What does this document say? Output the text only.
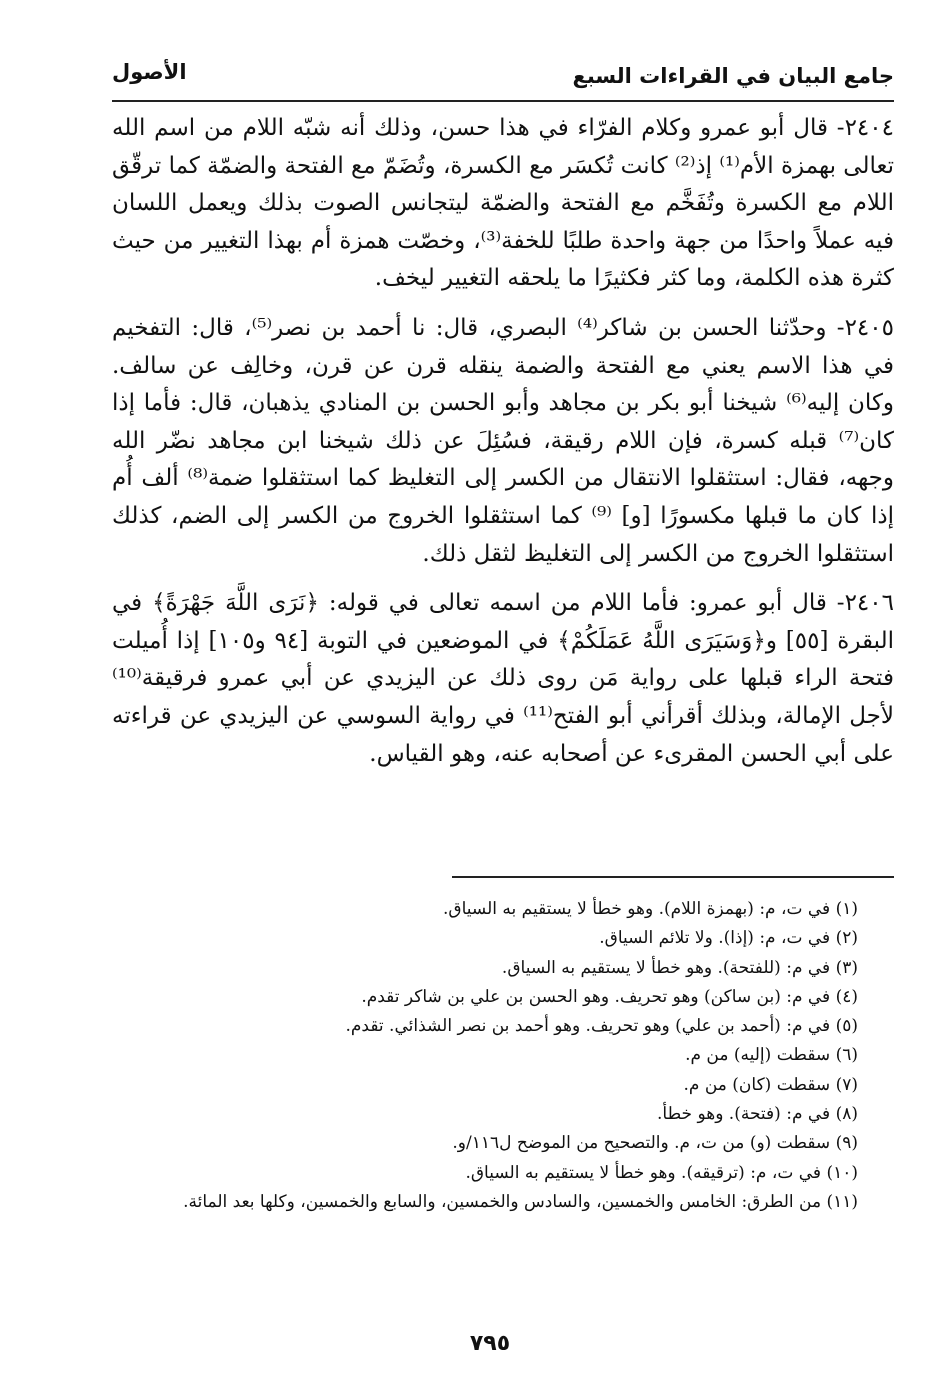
جامع البيان في القراءات السبع
الأصول

٢٤٠٤- قال أبو عمرو وكلام الفرّاء في هذا حسن، وذلك أنه شبّه اللام من اسم الله تعالى بهمزة الأم⁽¹⁾ إذ⁽²⁾ كانت تُكسَر مع الكسرة، وتُضَمّ مع الفتحة والضمّة كما ترقّق اللام مع الكسرة وتُفَخَّم مع الفتحة والضمّة ليتجانس الصوت بذلك ويعمل اللسان فيه عملاً واحدًا من جهة واحدة طلبًا للخفة⁽³⁾، وخصّت همزة أم بهذا التغيير من حيث كثرة هذه الكلمة، وما كثر فكثيرًا ما يلحقه التغيير ليخف.

٢٤٠٥- وحدّثنا الحسن بن شاكر⁽⁴⁾ البصري، قال: نا أحمد بن نصر⁽⁵⁾، قال: التفخيم في هذا الاسم يعني مع الفتحة والضمة ينقله قرن عن قرن، وخالِف عن سالف. وكان إليه⁽⁶⁾ شيخنا أبو بكر بن مجاهد وأبو الحسن بن المنادي يذهبان، قال: فأما إذا كان⁽⁷⁾ قبله كسرة، فإن اللام رقيقة، فسُئِلَ عن ذلك شيخنا ابن مجاهد نضّر الله وجهه، فقال: استثقلوا الانتقال من الكسر إلى التغليظ كما استثقلوا ضمة⁽⁸⁾ ألف أُم إذا كان ما قبلها مكسورًا [و] ⁽⁹⁾ كما استثقلوا الخروج من الكسر إلى الضم، كذلك استثقلوا الخروج من الكسر إلى التغليظ لثقل ذلك.

٢٤٠٦- قال أبو عمرو: فأما اللام من اسمه تعالى في قوله: ﴿نَرَى اللَّهَ جَهْرَةً﴾ في البقرة [٥٥] و﴿وَسَيَرَى اللَّهُ عَمَلَكُمْ﴾ في الموضعين في التوبة [٩٤ و١٠٥] إذا أُميلت فتحة الراء قبلها على رواية مَن روى ذلك عن اليزيدي عن أبي عمرو فرقيقة⁽¹⁰⁾ لأجل الإمالة، وبذلك أقرأني أبو الفتح⁽¹¹⁾ في رواية السوسي عن اليزيدي عن قراءته على أبي الحسن المقرىء عن أصحابه عنه، وهو القياس.

(١) في ت، م: (بهمزة اللام). وهو خطأ لا يستقيم به السياق.
(٢) في ت، م: (إذا). ولا تلائم السياق.
(٣) في م: (للفتحة). وهو خطأ لا يستقيم به السياق.
(٤) في م: (بن ساكن) وهو تحريف. وهو الحسن بن علي بن شاكر تقدم.
(٥) في م: (أحمد بن علي) وهو تحريف. وهو أحمد بن نصر الشذائي. تقدم.
(٦) سقطت (إليه) من م.
(٧) سقطت (كان) من م.
(٨) في م: (فتحة). وهو خطأ.
(٩) سقطت (و) من ت، م. والتصحيح من الموضح ل١١٦/و.
(١٠) في ت، م: (ترقيقه). وهو خطأ لا يستقيم به السياق.
(١١) من الطرق: الخامس والخمسين، والسادس والخمسين، والسابع والخمسين، وكلها بعد المائة.
٧٩٥
